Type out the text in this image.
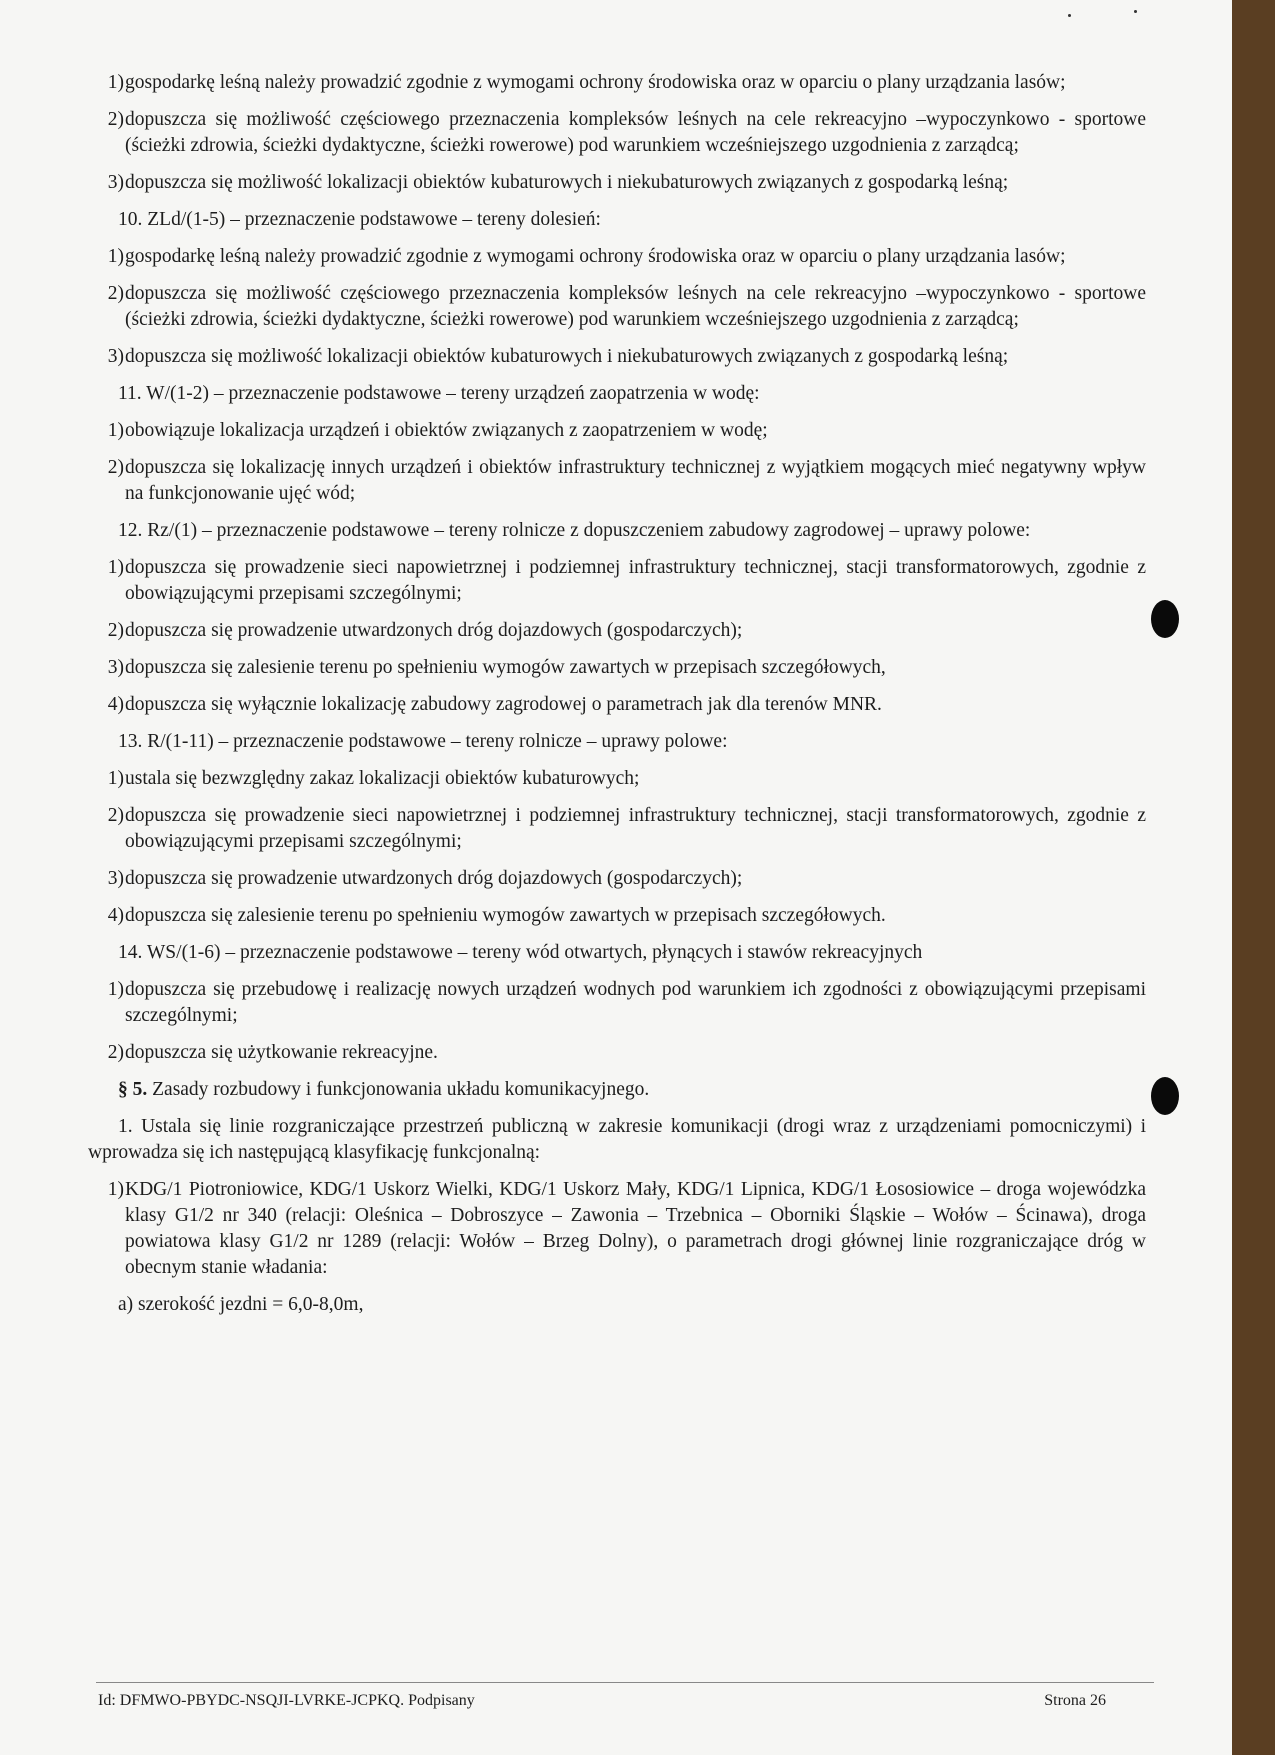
1) gospodarkę leśną należy prowadzić zgodnie z wymogami ochrony środowiska oraz w oparciu o plany urządzania lasów;
2) dopuszcza się możliwość częściowego przeznaczenia kompleksów leśnych na cele rekreacyjno –wypoczynkowo - sportowe (ścieżki zdrowia, ścieżki dydaktyczne, ścieżki rowerowe) pod warunkiem wcześniejszego uzgodnienia z zarządcą;
3) dopuszcza się możliwość lokalizacji obiektów kubaturowych i niekubaturowych związanych z gospodarką leśną;
10. ZLd/(1-5) – przeznaczenie podstawowe – tereny dolesień:
1) gospodarkę leśną należy prowadzić zgodnie z wymogami ochrony środowiska oraz w oparciu o plany urządzania lasów;
2) dopuszcza się możliwość częściowego przeznaczenia kompleksów leśnych na cele rekreacyjno –wypoczynkowo - sportowe (ścieżki zdrowia, ścieżki dydaktyczne, ścieżki rowerowe) pod warunkiem wcześniejszego uzgodnienia z zarządcą;
3) dopuszcza się możliwość lokalizacji obiektów kubaturowych i niekubaturowych związanych z gospodarką leśną;
11. W/(1-2) – przeznaczenie podstawowe – tereny urządzeń zaopatrzenia w wodę:
1) obowiązuje lokalizacja urządzeń i obiektów związanych z zaopatrzeniem w wodę;
2) dopuszcza się lokalizację innych urządzeń i obiektów infrastruktury technicznej z wyjątkiem mogących mieć negatywny wpływ na funkcjonowanie ujęć wód;
12. Rz/(1) – przeznaczenie podstawowe – tereny rolnicze z dopuszczeniem zabudowy zagrodowej – uprawy polowe:
1) dopuszcza się prowadzenie sieci napowietrznej i podziemnej infrastruktury technicznej, stacji transformatorowych, zgodnie z obowiązującymi przepisami szczególnymi;
2) dopuszcza się prowadzenie utwardzonych dróg dojazdowych (gospodarczych);
3) dopuszcza się zalesienie terenu po spełnieniu wymogów zawartych w przepisach szczegółowych,
4) dopuszcza się wyłącznie lokalizację zabudowy zagrodowej o parametrach jak dla terenów MNR.
13. R/(1-11) – przeznaczenie podstawowe – tereny rolnicze – uprawy polowe:
1) ustala się bezwzględny zakaz lokalizacji obiektów kubaturowych;
2) dopuszcza się prowadzenie sieci napowietrznej i podziemnej infrastruktury technicznej, stacji transformatorowych, zgodnie z obowiązującymi przepisami szczególnymi;
3) dopuszcza się prowadzenie utwardzonych dróg dojazdowych (gospodarczych);
4) dopuszcza się zalesienie terenu po spełnieniu wymogów zawartych w przepisach szczegółowych.
14. WS/(1-6) – przeznaczenie podstawowe – tereny wód otwartych, płynących i stawów rekreacyjnych
1) dopuszcza się przebudowę i realizację nowych urządzeń wodnych pod warunkiem ich zgodności z obowiązującymi przepisami szczególnymi;
2) dopuszcza się użytkowanie rekreacyjne.
§ 5. Zasady rozbudowy i funkcjonowania układu komunikacyjnego.
1. Ustala się linie rozgraniczające przestrzeń publiczną w zakresie komunikacji (drogi wraz z urządzeniami pomocniczymi) i wprowadza się ich następującą klasyfikację funkcjonalną:
1) KDG/1 Piotroniowice, KDG/1 Uskorz Wielki, KDG/1 Uskorz Mały, KDG/1 Lipnica, KDG/1 Łososiowice – droga wojewódzka klasy G1/2 nr 340 (relacji: Oleśnica – Dobroszyce – Zawonia – Trzebnica – Oborniki Śląskie – Wołów – Ścinawa), droga powiatowa klasy G1/2 nr 1289 (relacji: Wołów – Brzeg Dolny), o parametrach drogi głównej linie rozgraniczające dróg w obecnym stanie władania:
a) szerokość jezdni = 6,0-8,0m,
Id: DFMWO-PBYDC-NSQJI-LVRKE-JCPKQ. Podpisany	Strona 26
